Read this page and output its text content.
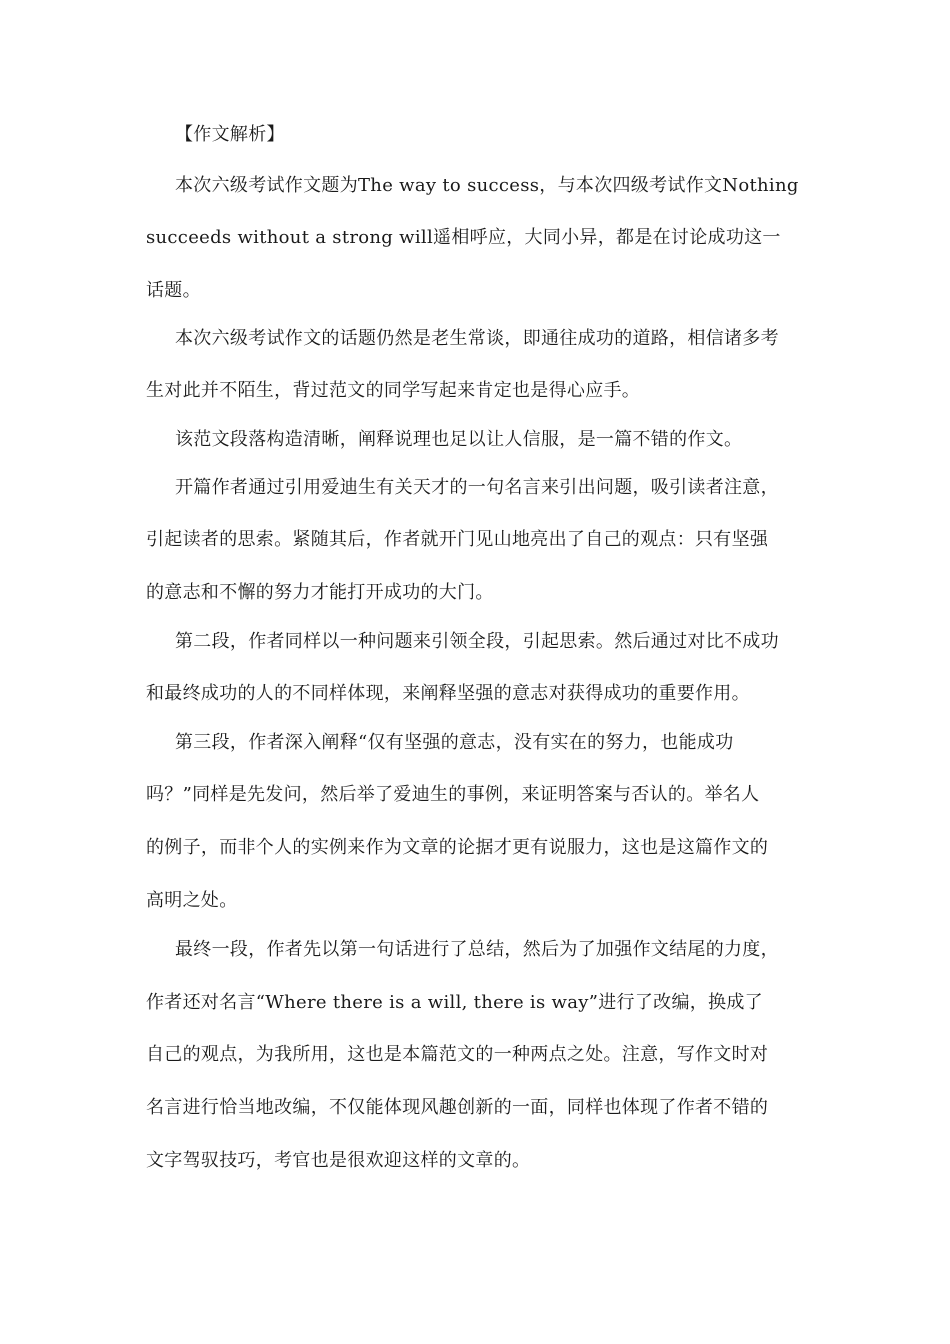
【作文解析】
本次六级考试作文题为The way to success，与本次四级考试作文Nothing
succeeds without a strong will遥相呼应，大同小异，都是在讨论成功这一
话题。
本次六级考试作文的话题仍然是老生常谈，即通往成功的道路，相信诸多考
生对此并不陌生，背过范文的同学写起来肯定也是得心应手。
该范文段落构造清晰，阐释说理也足以让人信服，是一篇不错的作文。
开篇作者通过引用爱迪生有关天才的一句名言来引出问题，吸引读者注意，
引起读者的思索。紧随其后，作者就开门见山地亮出了自己的观点：只有坚强
的意志和不懈的努力才能打开成功的大门。
第二段，作者同样以一种问题来引领全段，引起思索。然后通过对比不成功
和最终成功的人的不同样体现，来阐释坚强的意志对获得成功的重要作用。
第三段，作者深入阐释“仅有坚强的意志，没有实在的努力，也能成功
吗？”同样是先发问，然后举了爱迪生的事例，来证明答案与否认的。举名人
的例子，而非个人的实例来作为文章的论据才更有说服力，这也是这篇作文的
高明之处。
最终一段，作者先以第一句话进行了总结，然后为了加强作文结尾的力度，
作者还对名言“Where there is a will, there is way”进行了改编，换成了
自己的观点，为我所用，这也是本篇范文的一种两点之处。注意，写作文时对
名言进行恰当地改编，不仅能体现风趣创新的一面，同样也体现了作者不错的
文字驾驭技巧，考官也是很欢迎这样的文章的。
